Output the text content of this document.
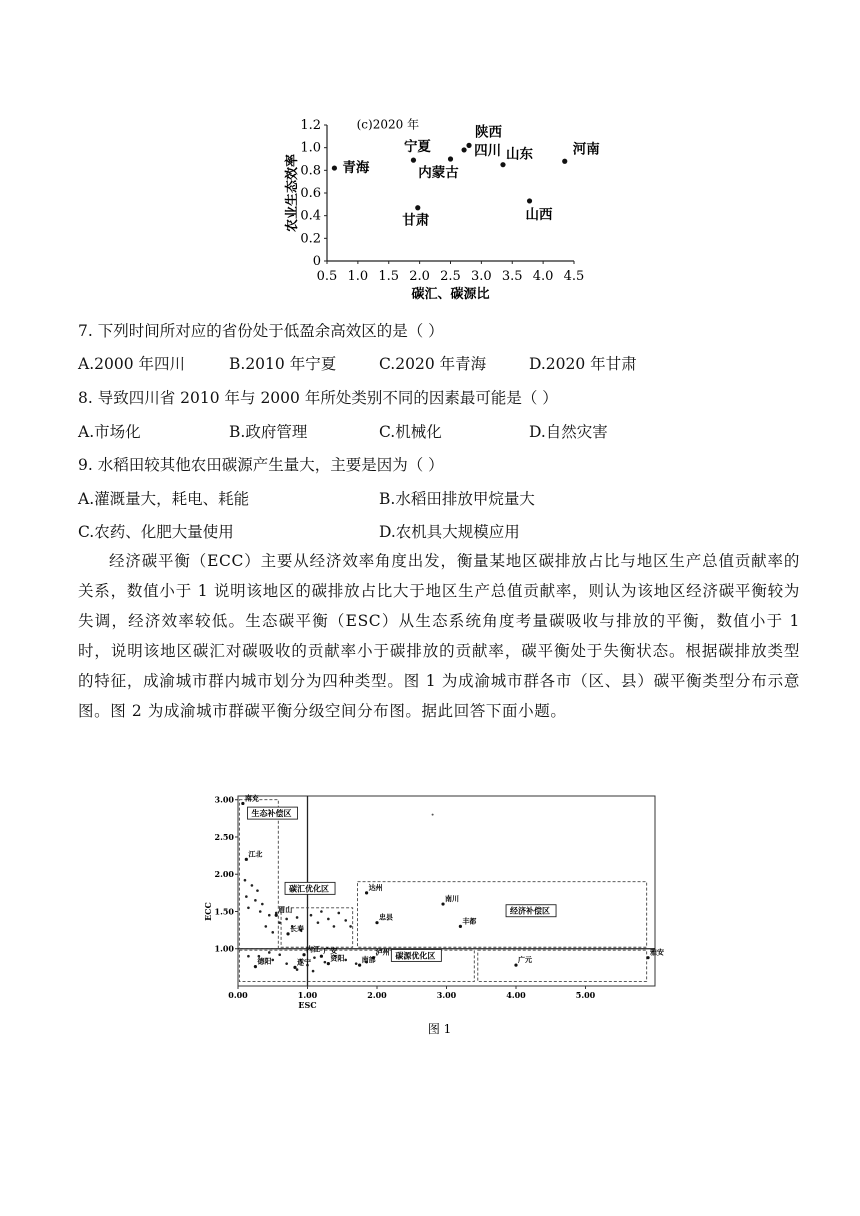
0.5 1.0 1.5 2.0 2.5 3.0 3.5 4.0 4.5
0
0.2
0.4
0.6
0.8
1.0
1.2	(c)2020 年
碳汇、碳源比
农业生态效率	青海
宁夏
内蒙古
四川
陕西
山东	河南
甘肃	山西
7. 下列时间所对应的省份处于低盈余高效区的是（ ）
A.2000 年四川	B.2010 年宁夏	C.2020 年青海	D.2020 年甘肃
8. 导致四川省 2010 年与 2000 年所处类别不同的因素最可能是（ ）
A.市场化	B.政府管理	C.机械化	D.自然灾害
9. 水稻田较其他农田碳源产生量大，主要是因为（ ）
A.灌溉量大，耗电、耗能	B.水稻田排放甲烷量大
C.农药、化肥大量使用	D.农机具大规模应用

经济碳平衡（ECC）主要从经济效率角度出发，衡量某地区碳排放占比与地区生产总值贡献率的关系，数值小于 1 说明该地区的碳排放占比大于地区生产总值贡献率，则认为该地区经济碳平衡较为失调，经济效率较低。生态碳平衡（ESC）从生态系统角度考量碳吸收与排放的平衡，数值小于 1 时，说明该地区碳汇对碳吸收的贡献率小于碳排放的贡献率，碳平衡处于失衡状态。根据碳排放类型的特征，成渝城市群内城市划分为四种类型。图 1 为成渝城市群各市（区、县）碳平衡类型分布示意图。图 2 为成渝城市群碳平衡分级空间分布图。据此回答下面小题。

0.00	1.00	2.00	3.00	4.00	5.00
1.00
1.50
2.00
2.50
3.00
ESC
ECC
生态补偿区
碳汇优化区
经济补偿区
碳源优化区
南充
江北
达州
南川
忠县	丰都
广元
雅安
德阳	遂宁
内江 广安
眉山
长寿
资阳
泸州
南部
图 1
